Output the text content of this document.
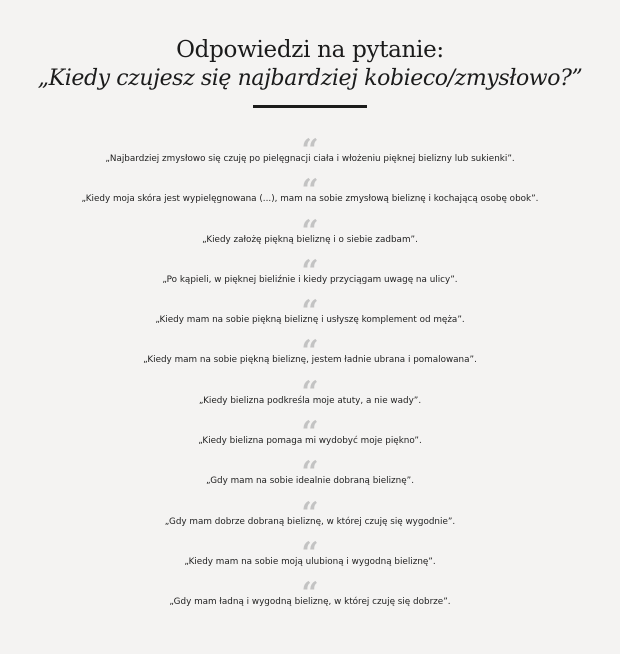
Odpowiedzi na pytanie:
„Kiedy czujesz się najbardziej kobieco/zmysłowo?”
“
„Najbardziej zmysłowo się czuję po pielęgnacji ciała i włożeniu pięknej bielizny lub sukienki”.
“
„Kiedy moja skóra jest wypielęgnowana (...), mam na sobie zmysłową bieliznę i kochającą osobę obok”.
“
„Kiedy założę piękną bieliznę i o siebie zadbam”.
“
„Po kąpieli, w pięknej bieliźnie i kiedy przyciągam uwagę na ulicy”.
“
„Kiedy mam na sobie piękną bieliznę i usłyszę komplement od męża”.
“
„Kiedy mam na sobie piękną bieliznę, jestem ładnie ubrana i pomalowana”.
“
„Kiedy bielizna podkreśla moje atuty, a nie wady”.
“
„Kiedy bielizna pomaga mi wydobyć moje piękno”.
“
„Gdy mam na sobie idealnie dobraną bieliznę”.
“
„Gdy mam dobrze dobraną bieliznę, w której czuję się wygodnie”.
“
„Kiedy mam na sobie moją ulubioną i wygodną bieliznę”.
“
„Gdy mam ładną i wygodną bieliznę, w której czuję się dobrze”.
